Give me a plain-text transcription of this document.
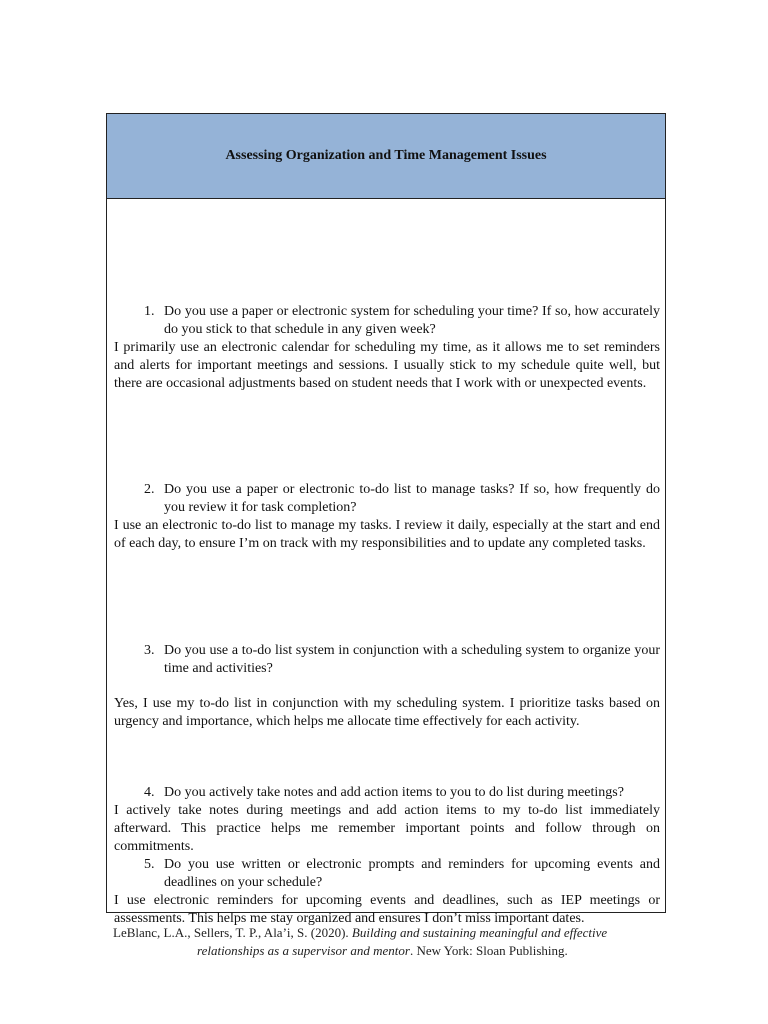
Assessing Organization and Time Management Issues
1. Do you use a paper or electronic system for scheduling your time? If so, how accurately do you stick to that schedule in any given week?
I primarily use an electronic calendar for scheduling my time, as it allows me to set reminders and alerts for important meetings and sessions. I usually stick to my schedule quite well, but there are occasional adjustments based on student needs that I work with or unexpected events.
2. Do you use a paper or electronic to-do list to manage tasks? If so, how frequently do you review it for task completion?
I use an electronic to-do list to manage my tasks. I review it daily, especially at the start and end of each day, to ensure I’m on track with my responsibilities and to update any completed tasks.
3. Do you use a to-do list system in conjunction with a scheduling system to organize your time and activities?
Yes, I use my to-do list in conjunction with my scheduling system. I prioritize tasks based on urgency and importance, which helps me allocate time effectively for each activity.
4. Do you actively take notes and add action items to you to do list during meetings?
I actively take notes during meetings and add action items to my to-do list immediately afterward. This practice helps me remember important points and follow through on commitments.
5. Do you use written or electronic prompts and reminders for upcoming events and deadlines on your schedule?
I use electronic reminders for upcoming events and deadlines, such as IEP meetings or assessments. This helps me stay organized and ensures I don’t miss important dates.
LeBlanc, L.A., Sellers, T. P., Ala’i, S. (2020). Building and sustaining meaningful and effective
relationships as a supervisor and mentor. New York: Sloan Publishing.
